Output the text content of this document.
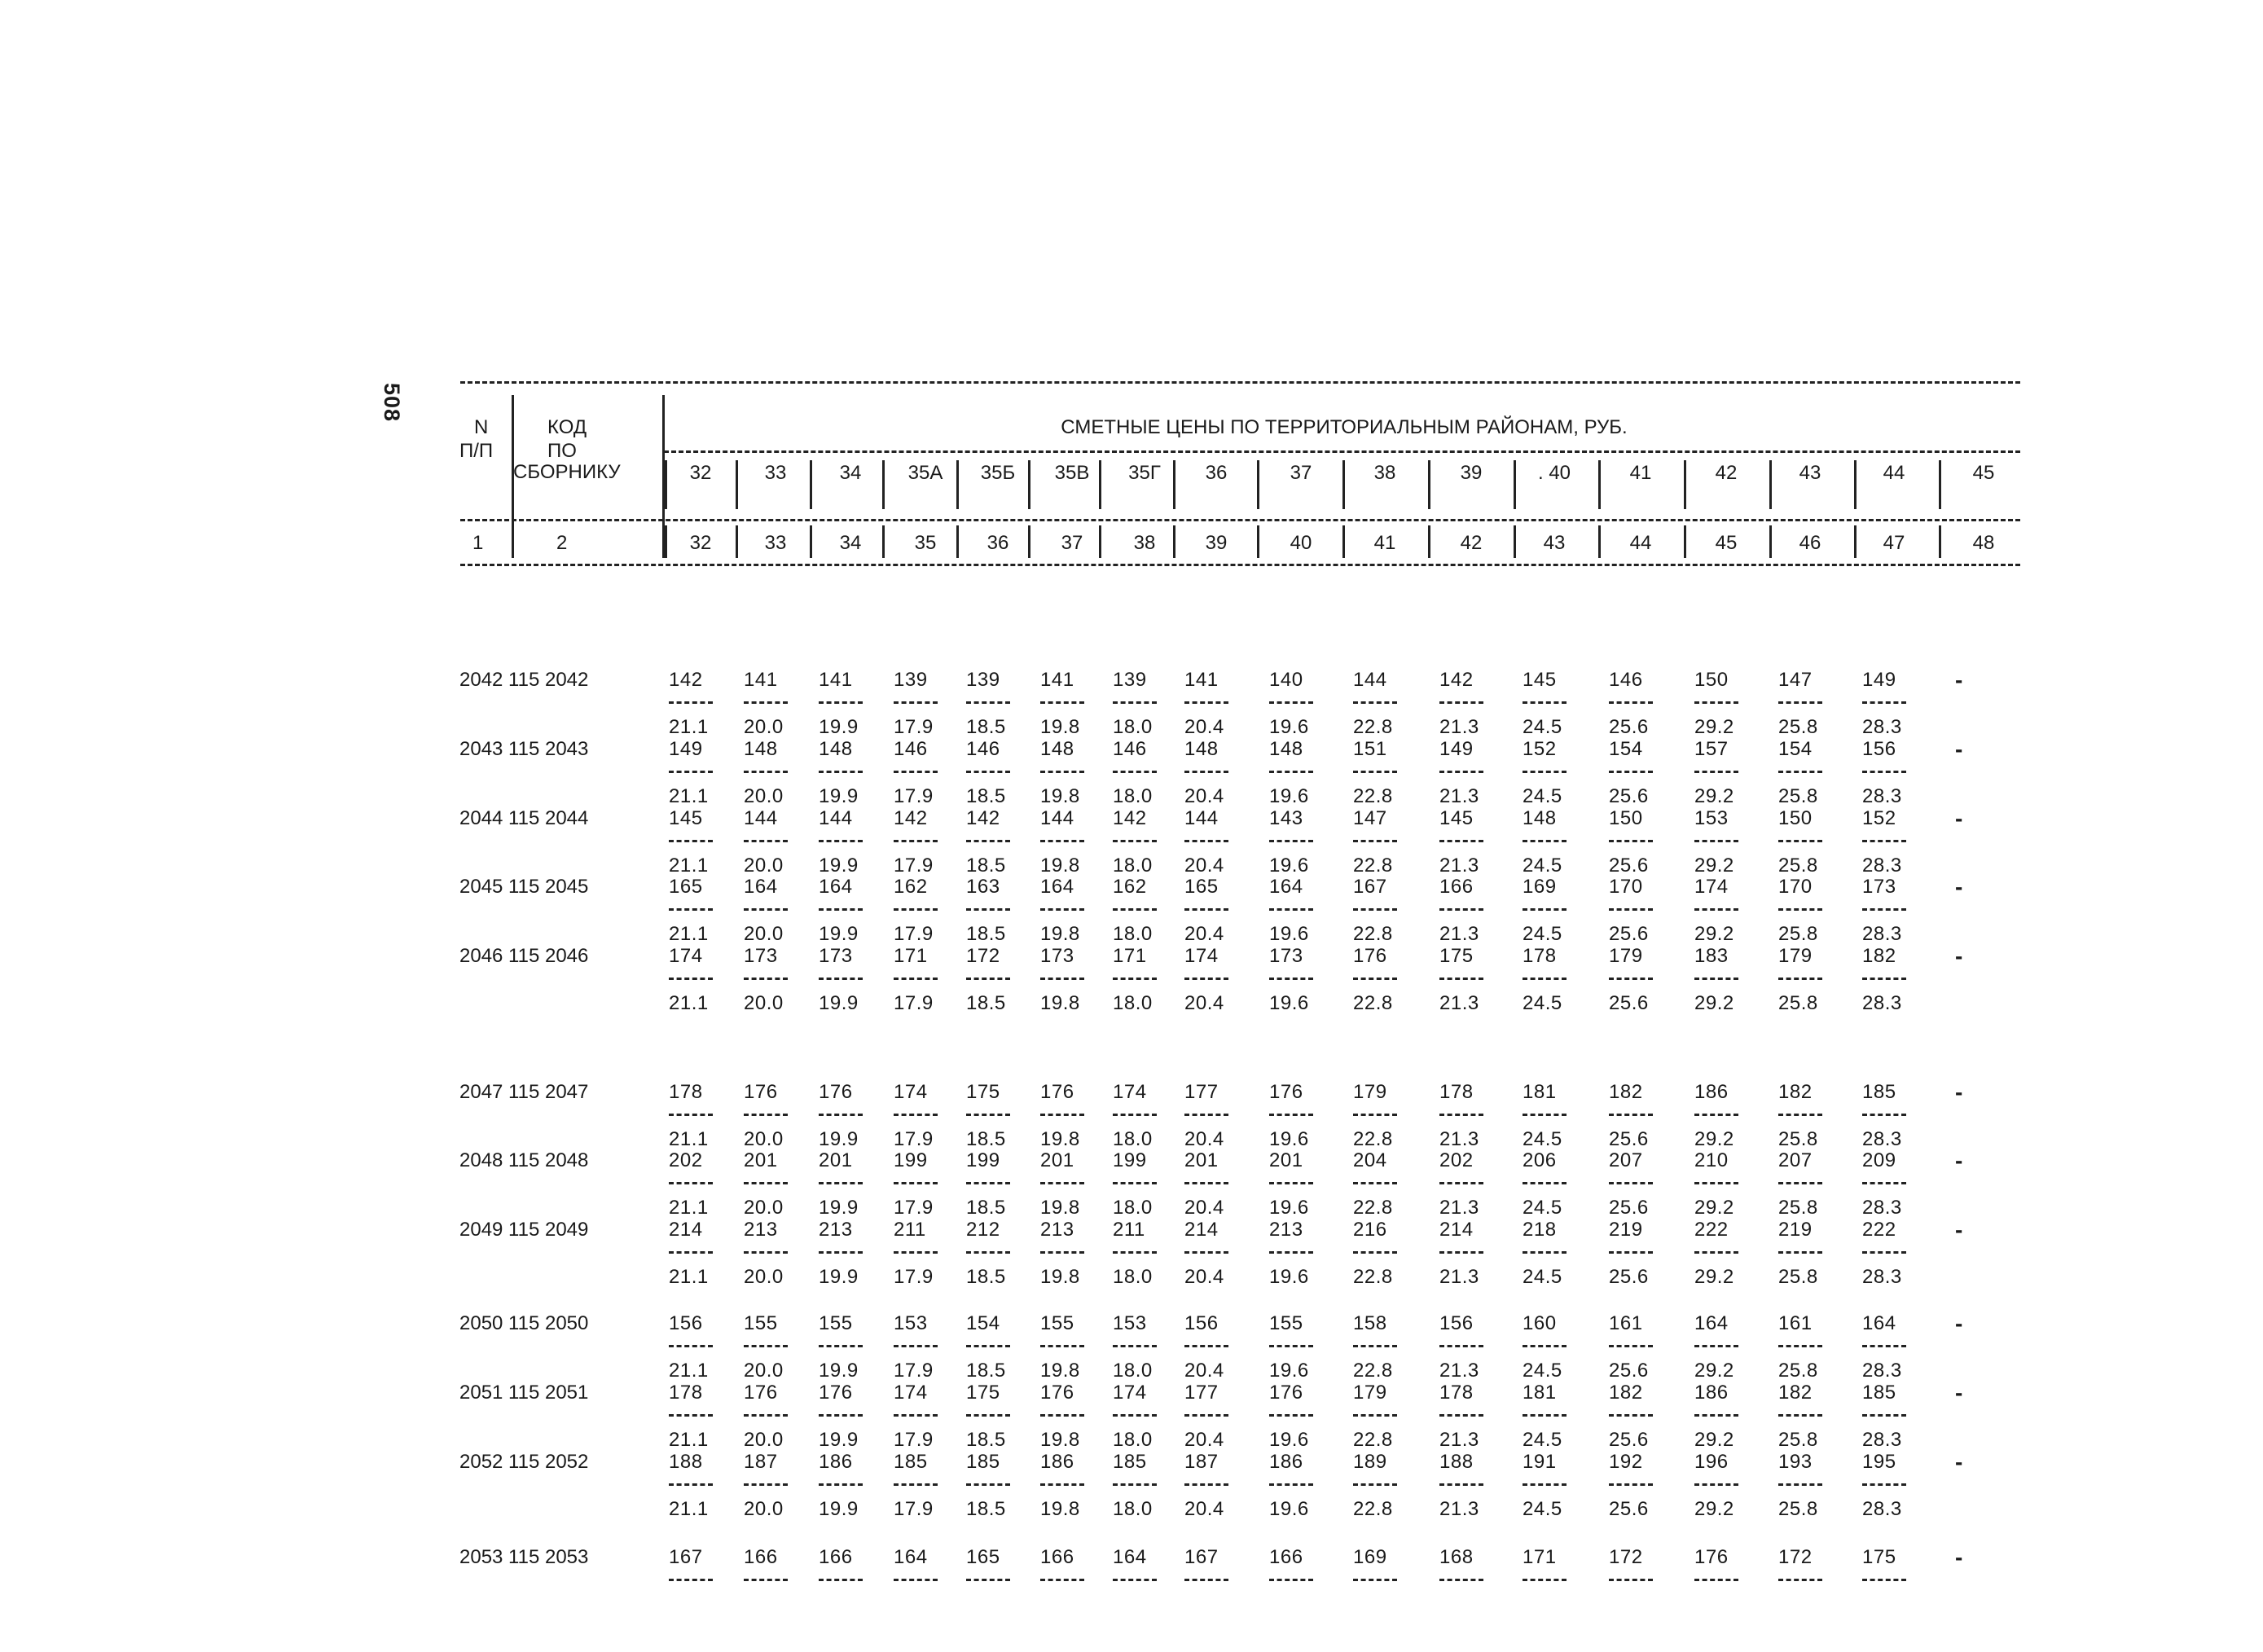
508
N
П/П
КОД
ПО
СБОРНИКУ
СМЕТНЫЕ ЦЕНЫ ПО ТЕРРИТОРИАЛЬНЫМ РАЙОНАМ, РУБ.
32	33	34	35А	35Б	35В	35Г	36	37	38	39	. 40	41	42	43	44	45
32	33	34	35	36	37	38	39	40	41	42	43	44	45	46	47	48
1	2
2042 115 2042	142	141	141	139	139	141	139	141	140	144	142	145	146	150	147	149
21.1	20.0	19.9	17.9	18.5	19.8	18.0	20.4	19.6	22.8	21.3	24.5	25.6	29.2	25.8	28.3
-
2043 115 2043	149	148	148	146	146	148	146	148	148	151	149	152	154	157	154	156
21.1	20.0	19.9	17.9	18.5	19.8	18.0	20.4	19.6	22.8	21.3	24.5	25.6	29.2	25.8	28.3
-
2044 115 2044	145	144	144	142	142	144	142	144	143	147	145	148	150	153	150	152
21.1	20.0	19.9	17.9	18.5	19.8	18.0	20.4	19.6	22.8	21.3	24.5	25.6	29.2	25.8	28.3
-
2045 115 2045	165	164	164	162	163	164	162	165	164	167	166	169	170	174	170	173
21.1	20.0	19.9	17.9	18.5	19.8	18.0	20.4	19.6	22.8	21.3	24.5	25.6	29.2	25.8	28.3
-
2046 115 2046	174	173	173	171	172	173	171	174	173	176	175	178	179	183	179	182
21.1	20.0	19.9	17.9	18.5	19.8	18.0	20.4	19.6	22.8	21.3	24.5	25.6	29.2	25.8	28.3
-
2047 115 2047	178	176	176	174	175	176	174	177	176	179	178	181	182	186	182	185
21.1	20.0	19.9	17.9	18.5	19.8	18.0	20.4	19.6	22.8	21.3	24.5	25.6	29.2	25.8	28.3
-
2048 115 2048	202	201	201	199	199	201	199	201	201	204	202	206	207	210	207	209
21.1	20.0	19.9	17.9	18.5	19.8	18.0	20.4	19.6	22.8	21.3	24.5	25.6	29.2	25.8	28.3
-
2049 115 2049	214	213	213	211	212	213	211	214	213	216	214	218	219	222	219	222
21.1	20.0	19.9	17.9	18.5	19.8	18.0	20.4	19.6	22.8	21.3	24.5	25.6	29.2	25.8	28.3
-
2050 115 2050	156	155	155	153	154	155	153	156	155	158	156	160	161	164	161	164
21.1	20.0	19.9	17.9	18.5	19.8	18.0	20.4	19.6	22.8	21.3	24.5	25.6	29.2	25.8	28.3
-
2051 115 2051	178	176	176	174	175	176	174	177	176	179	178	181	182	186	182	185
21.1	20.0	19.9	17.9	18.5	19.8	18.0	20.4	19.6	22.8	21.3	24.5	25.6	29.2	25.8	28.3
-
2052 115 2052	188	187	186	185	185	186	185	187	186	189	188	191	192	196	193	195
21.1	20.0	19.9	17.9	18.5	19.8	18.0	20.4	19.6	22.8	21.3	24.5	25.6	29.2	25.8	28.3
-
2053 115 2053	167	166	166	164	165	166	164	167	166	169	168	171	172	176	172	175	-
